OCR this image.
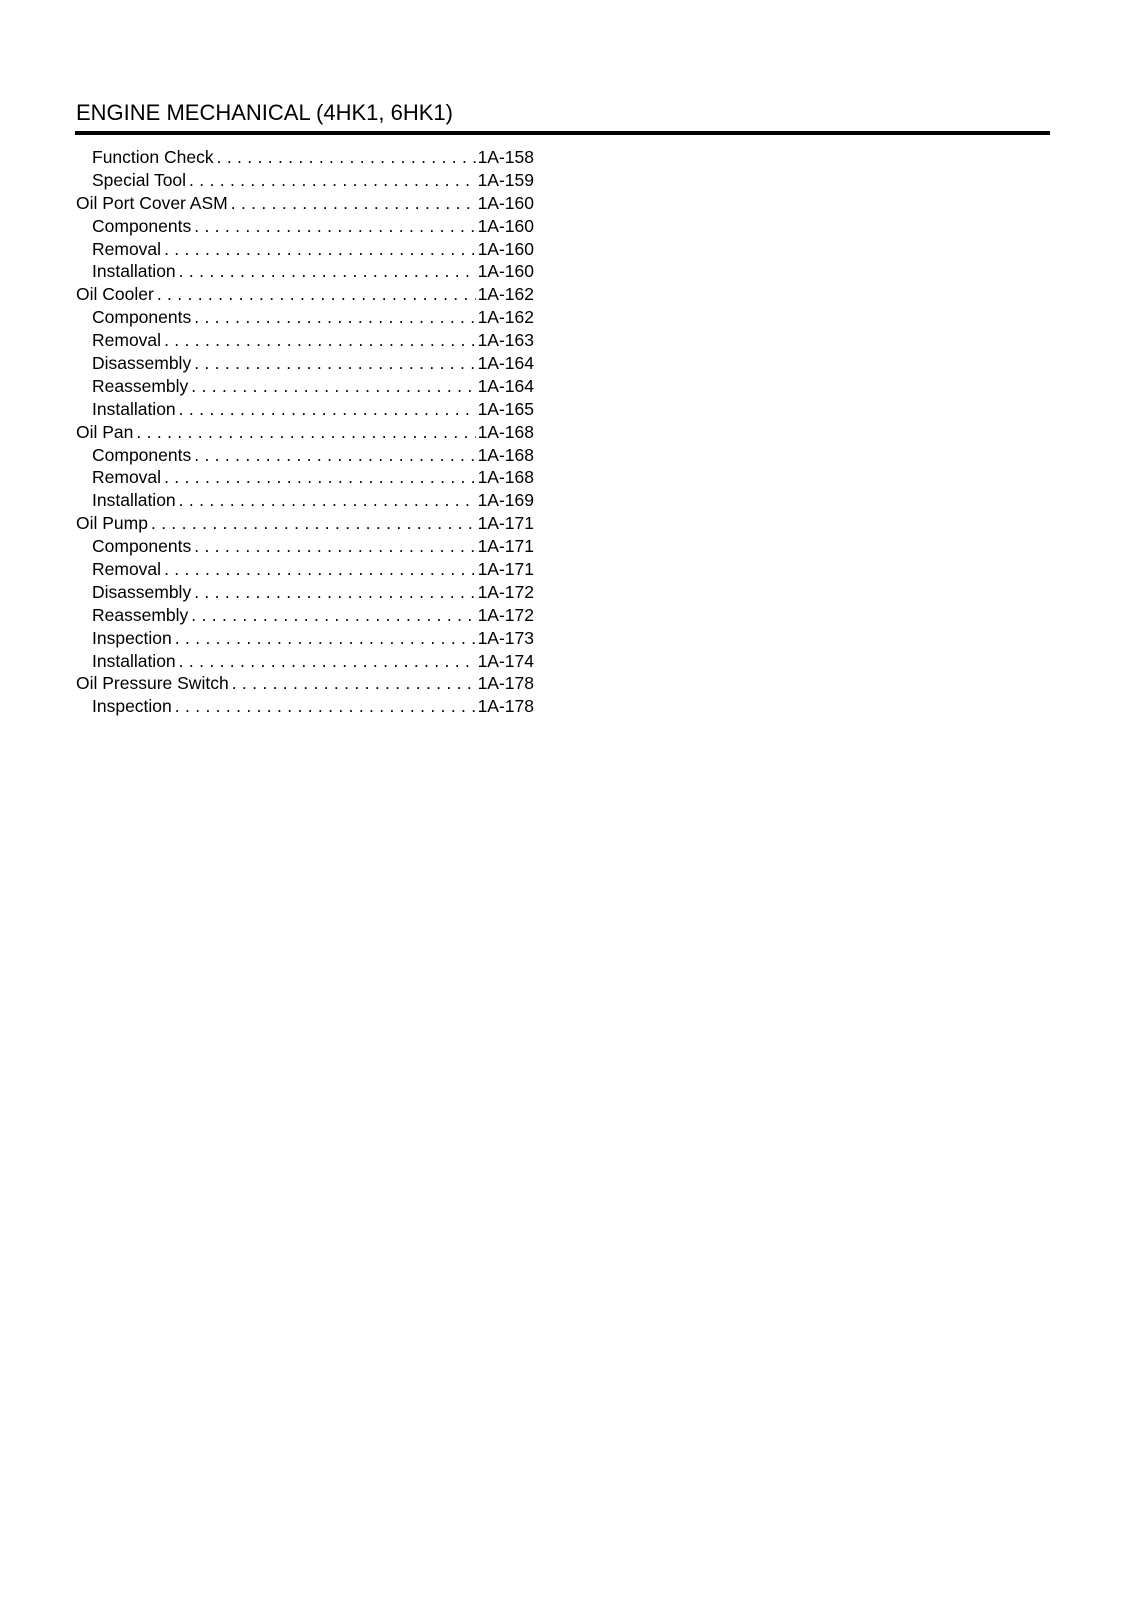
ENGINE MECHANICAL (4HK1, 6HK1)
Function Check . . .	1A-158
Special Tool . . .	1A-159
Oil Port Cover ASM . . .	1A-160
Components . . .	1A-160
Removal . . .	1A-160
Installation . . .	1A-160
Oil Cooler . . .	1A-162
Components . . .	1A-162
Removal . . .	1A-163
Disassembly . . .	1A-164
Reassembly . . .	1A-164
Installation . . .	1A-165
Oil Pan . . .	1A-168
Components . . .	1A-168
Removal . . .	1A-168
Installation . . .	1A-169
Oil Pump . . .	1A-171
Components . . .	1A-171
Removal . . .	1A-171
Disassembly . . .	1A-172
Reassembly . . .	1A-172
Inspection . . .	1A-173
Installation . . .	1A-174
Oil Pressure Switch . . .	1A-178
Inspection . . .	1A-178
